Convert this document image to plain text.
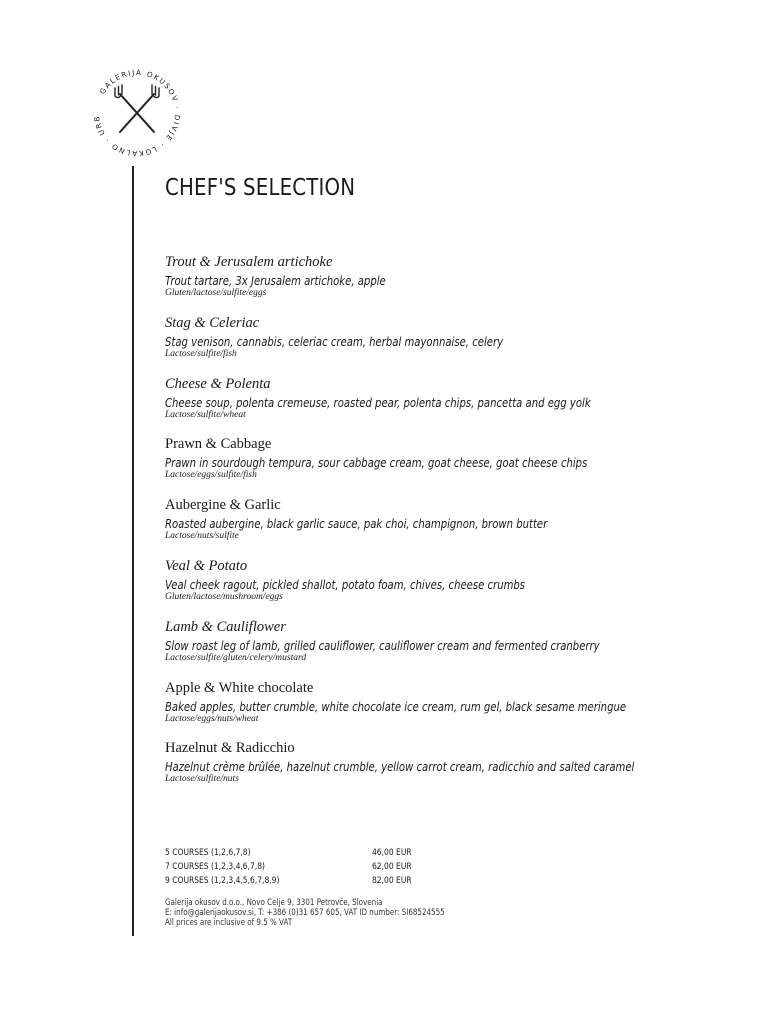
GALERIJA OKUSOV · DIVJE · LOKALNO · URB
CHEF'S SELECTION
Trout & Jerusalem artichoke
Trout tartare, 3x Jerusalem artichoke, apple
Gluten/lactose/sulfite/eggs
Stag & Celeriac
Stag venison, cannabis, celeriac cream, herbal mayonnaise, celery
Lactose/sulfite/fish
Cheese & Polenta
Cheese soup, polenta cremeuse, roasted pear, polenta chips, pancetta and egg yolk
Lactose/sulfite/wheat
Prawn & Cabbage
Prawn in sourdough tempura, sour cabbage cream, goat cheese, goat cheese chips
Lactose/eggs/sulfite/fish
Aubergine & Garlic
Roasted aubergine, black garlic sauce, pak choi, champignon, brown butter
Lactose/nuts/sulfite
Veal & Potato
Veal cheek ragout, pickled shallot, potato foam, chives, cheese crumbs
Gluten/lactose/mushroom/eggs
Lamb & Cauliflower
Slow roast leg of lamb, grilled cauliflower, cauliflower cream and fermented cranberry
Lactose/sulfite/gluten/celery/mustard
Apple & White chocolate
Baked apples, butter crumble, white chocolate ice cream, rum gel, black sesame meringue
Lactose/eggs/nuts/wheat
Hazelnut & Radicchio
Hazelnut crème brûlée, hazelnut crumble, yellow carrot cream, radicchio and salted caramel
Lactose/sulfite/nuts
5 COURSES (1,2,6,7,8)	46,00 EUR
7 COURSES (1,2,3,4,6,7,8)	62,00 EUR
9 COURSES (1,2,3,4,5,6,7,8,9)	82,00 EUR
Galerija okusov d.o.o., Novo Celje 9, 3301 Petrovče, Slovenia
E: info@galerijaokusov.si, T: +386 (0)31 657 605, VAT ID number: SI68524555
All prices are inclusive of 9.5 % VAT
